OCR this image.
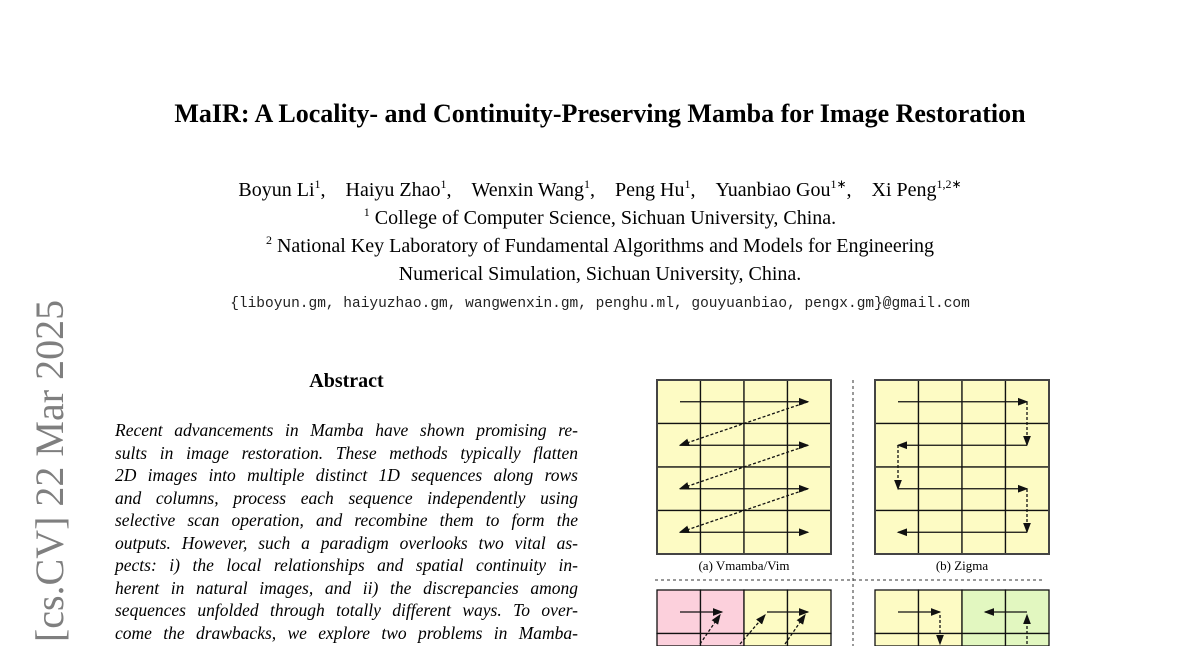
MaIR: A Locality- and Continuity-Preserving Mamba for Image Restoration
Boyun Li$^1$, Haiyu Zhao$^1$, Wenxin Wang$^1$, Peng Hu$^1$, Yuanbiao Gou$^{1∗}$, Xi Peng$^{1,2∗}$
$^1$ College of Computer Science, Sichuan University, China.
$^2$ National Key Laboratory of Fundamental Algorithms and Models for Engineering
Numerical Simulation, Sichuan University, China.
{liboyun.gm, haiyuzhao.gm, wangwenxin.gm, penghu.ml, gouyuanbiao, pengx.gm}@gmail.com
[cs.CV] 22 Mar 2025	Abstract
Recent advancements in Mamba have shown promising re-
sults in image restoration. These methods typically flatten
2D images into multiple distinct 1D sequences along rows
and columns, process each sequence independently using
selective scan operation, and recombine them to form the
outputs. However, such a paradigm overlooks two vital as-
pects: i) the local relationships and spatial continuity in-
herent in natural images, and ii) the discrepancies among
sequences unfolded through totally different ways. To over-
come the drawbacks, we explore two problems in Mamba-
(a) Vmamba/Vim	(b) Zigma
